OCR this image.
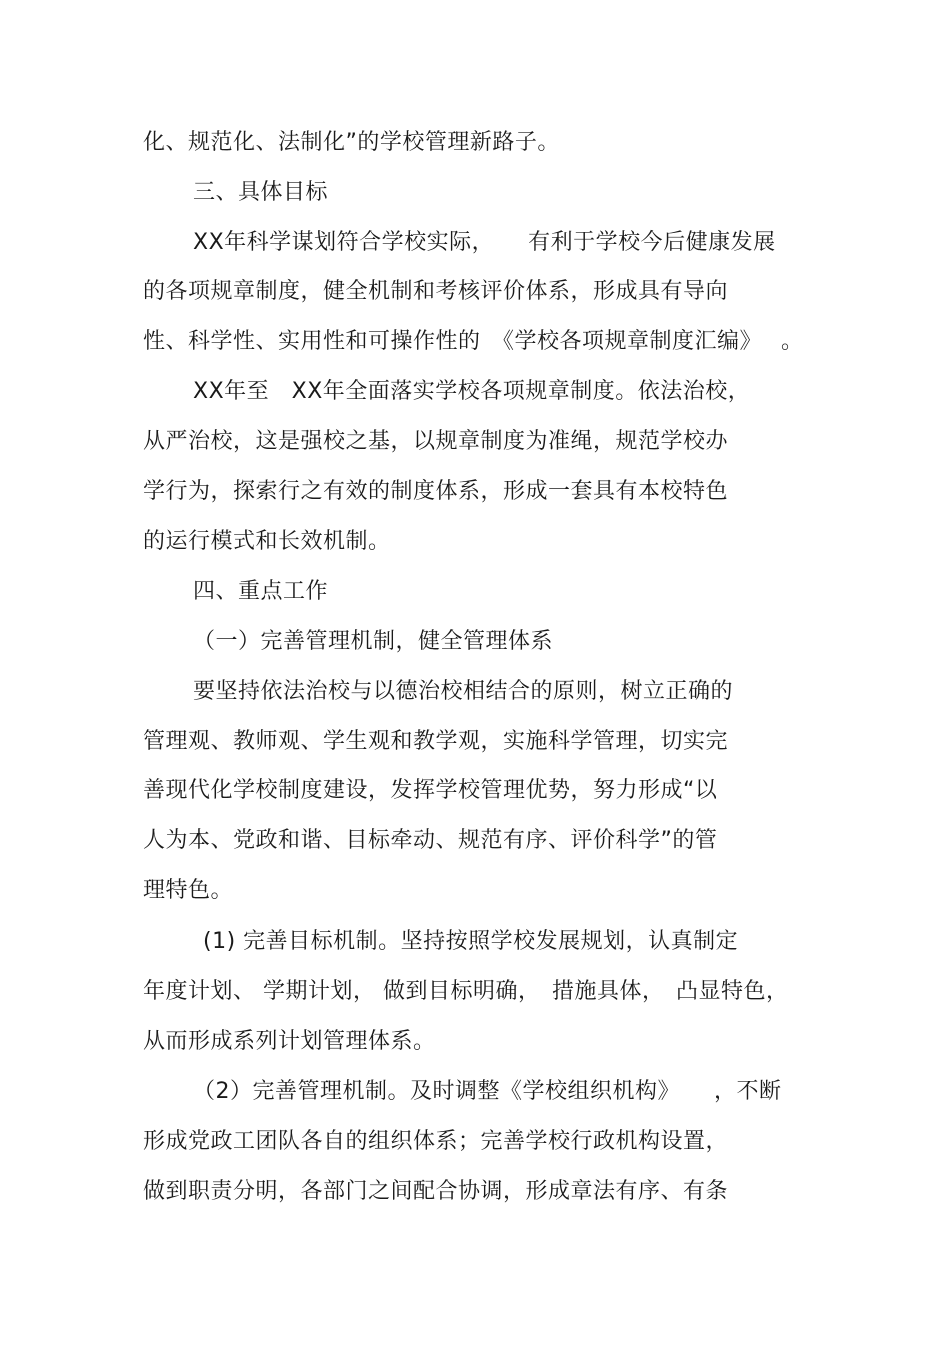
化、规范化、法制化”的学校管理新路子。
三、具体目标
XX年科学谋划符合学校实际，　　有利于学校今后健康发展
的各项规章制度，健全机制和考核评价体系，形成具有导向
性、科学性、实用性和可操作性的　《学校各项规章制度汇编》　 。
XX年至　XX年全面落实学校各项规章制度。依法治校，
从严治校，这是强校之基，以规章制度为准绳，规范学校办
学行为，探索行之有效的制度体系，形成一套具有本校特色
的运行模式和长效机制。
四、重点工作
（一）完善管理机制，健全管理体系
要坚持依法治校与以德治校相结合的原则，树立正确的
管理观、教师观、学生观和教学观，实施科学管理，切实完
善现代化学校制度建设，发挥学校管理优势，努力形成“以
人为本、党政和谐、目标牵动、规范有序、评价科学”的管
理特色。
(1) 完善目标机制。坚持按照学校发展规划，认真制定
年度计划、 学期计划， 做到目标明确，　措施具体，　凸显特色，
从而形成系列计划管理体系。
（2）完善管理机制。及时调整《学校组织机构》　　，不断
形成党政工团队各自的组织体系；完善学校行政机构设置，
做到职责分明，各部门之间配合协调，形成章法有序、有条
